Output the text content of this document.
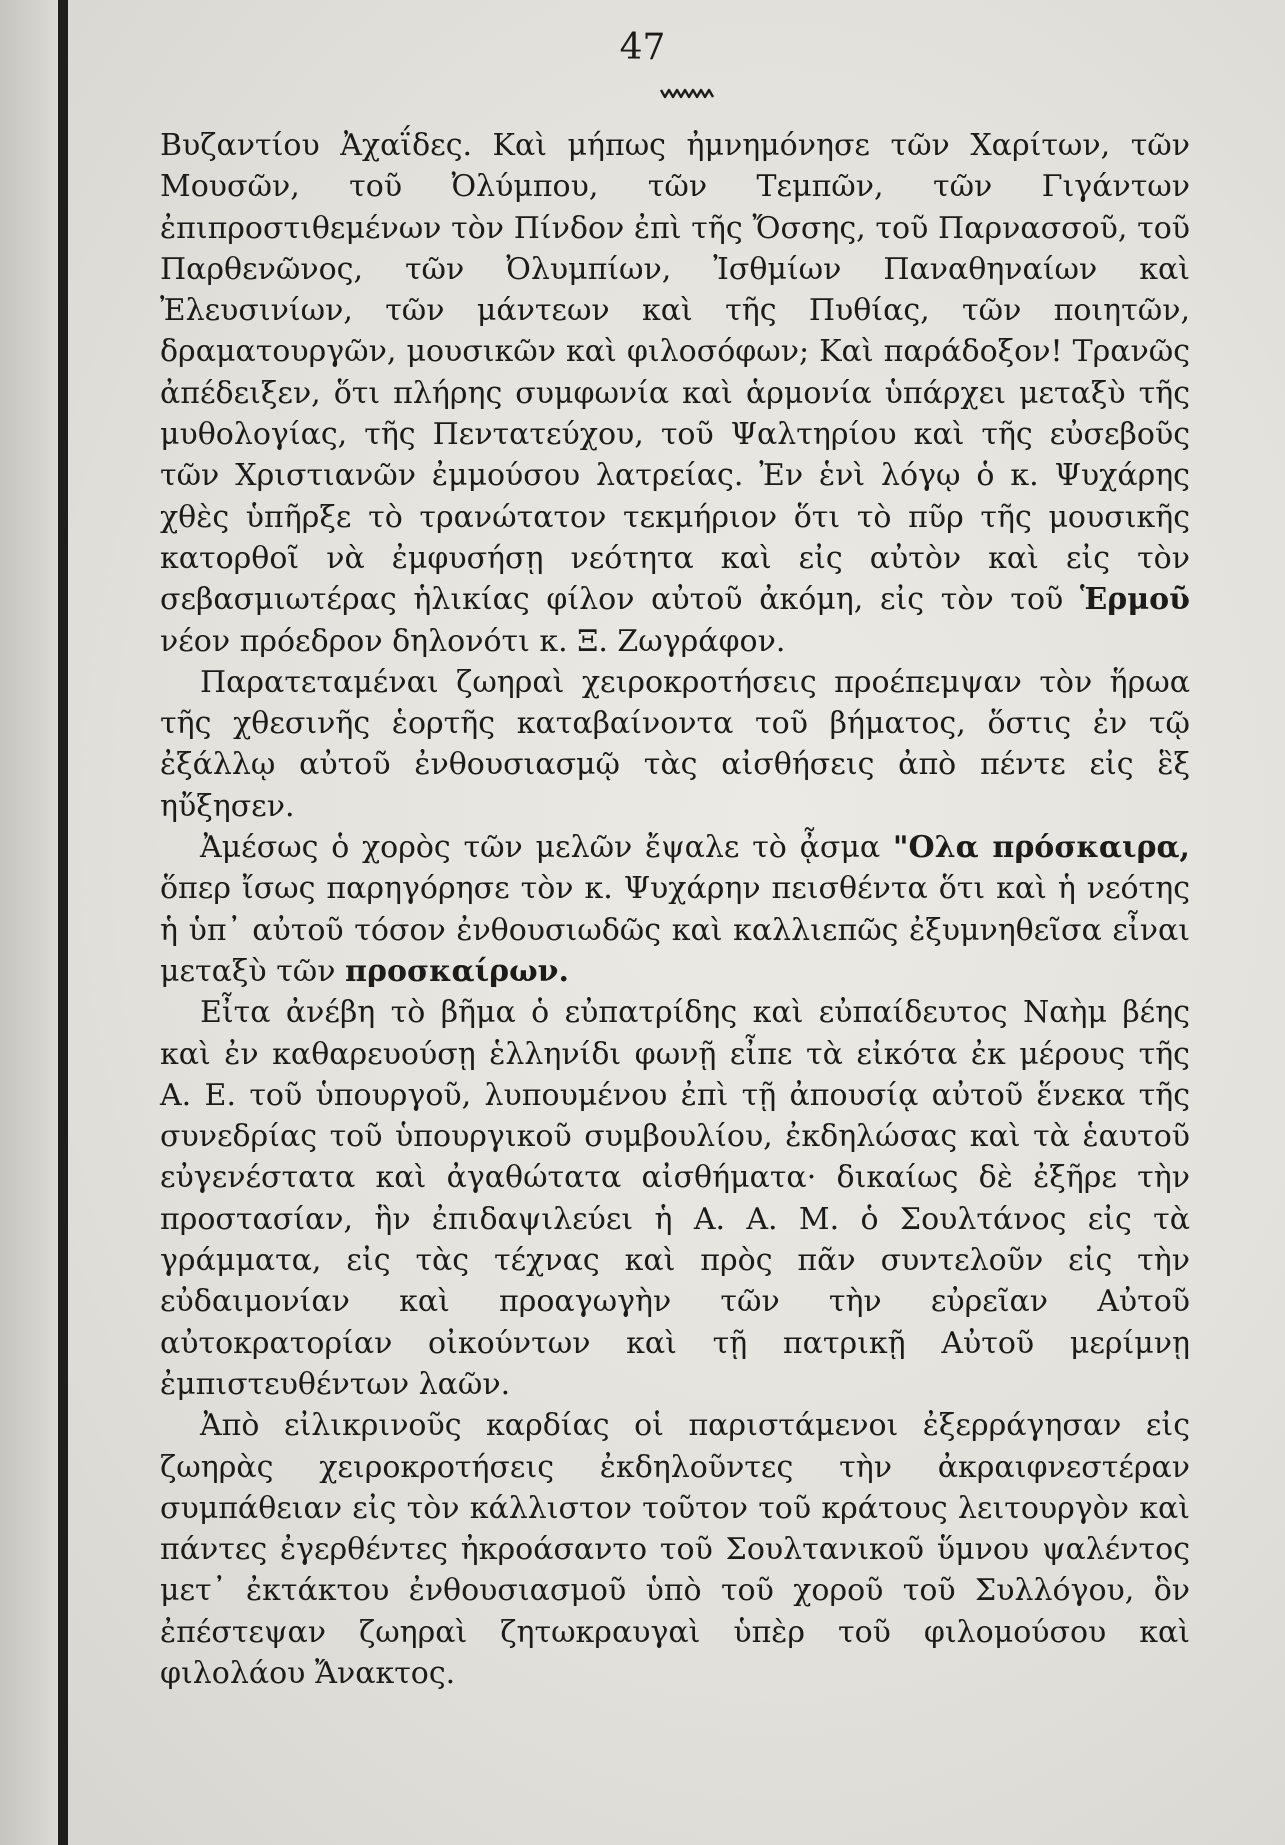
47

Βυζαντίου Ἀχαΐδες. Καὶ μήπως ἠμνημόνησε τῶν Χαρίτων, τῶν Μουσῶν, τοῦ Ὀλύμπου, τῶν Τεμπῶν, τῶν Γιγάντων ἐπιπροστιθεμένων τὸν Πίνδον ἐπὶ τῆς Ὄσσης, τοῦ Παρνασσοῦ, τοῦ Παρθενῶνος, τῶν Ὀλυμπίων, Ἰσθμίων Παναθηναίων καὶ Ἐλευσινίων, τῶν μάντεων καὶ τῆς Πυθίας, τῶν ποιητῶν, δραματουργῶν, μουσικῶν καὶ φιλοσόφων; Καὶ παράδοξον! Τρανῶς ἀπέδειξεν, ὅτι πλήρης συμφωνία καὶ ἁρμονία ὑπάρχει μεταξὺ τῆς μυθολογίας, τῆς Πεντατεύχου, τοῦ Ψαλτηρίου καὶ τῆς εὐσεβοῦς τῶν Χριστιανῶν ἐμμούσου λατρείας. Ἐν ἑνὶ λόγῳ ὁ κ. Ψυχάρης χθὲς ὑπῆρξε τὸ τρανώτατον τεκμήριον ὅτι τὸ πῦρ τῆς μουσικῆς κατορθοῖ νὰ ἐμφυσήσῃ νεότητα καὶ εἰς αὐτὸν καὶ εἰς τὸν σεβασμιωτέρας ἡλικίας φίλον αὐτοῦ ἀκόμη, εἰς τὸν τοῦ Ἑρμοῦ νέον πρόεδρον δηλονότι κ. Ξ. Ζωγράφον.

Παρατεταμέναι ζωηραὶ χειροκροτήσεις προέπεμψαν τὸν ἥρωα τῆς χθεσινῆς ἑορτῆς καταβαίνοντα τοῦ βήματος, ὅστις ἐν τῷ ἐξάλλῳ αὐτοῦ ἐνθουσιασμῷ τὰς αἰσθήσεις ἀπὸ πέντε εἰς ἓξ ηὔξησεν.

Ἀμέσως ὁ χορὸς τῶν μελῶν ἔψαλε τὸ ᾆσμα "Ολα πρόσκαιρα, ὅπερ ἴσως παρηγόρησε τὸν κ. Ψυχάρην πεισθέντα ὅτι καὶ ἡ νεότης ἡ ὑπ᾽ αὐτοῦ τόσον ἐνθουσιωδῶς καὶ καλλιεπῶς ἐξυμνηθεῖσα εἶναι μεταξὺ τῶν προσκαίρων.

Εἶτα ἀνέβη τὸ βῆμα ὁ εὐπατρίδης καὶ εὐπαίδευτος Ναὴμ βέης καὶ ἐν καθαρευούσῃ ἑλληνίδι φωνῇ εἶπε τὰ εἰκότα ἐκ μέρους τῆς Α. Ε. τοῦ ὑπουργοῦ, λυπουμένου ἐπὶ τῇ ἀπουσίᾳ αὐτοῦ ἕνεκα τῆς συνεδρίας τοῦ ὑπουργικοῦ συμβουλίου, ἐκδηλώσας καὶ τὰ ἑαυτοῦ εὐγενέστατα καὶ ἀγαθώτατα αἰσθήματα· δικαίως δὲ ἐξῆρε τὴν προστασίαν, ἣν ἐπιδαψιλεύει ἡ Α. Α. Μ. ὁ Σουλτάνος εἰς τὰ γράμματα, εἰς τὰς τέχνας καὶ πρὸς πᾶν συντελοῦν εἰς τὴν εὐδαιμονίαν καὶ προαγωγὴν τῶν τὴν εὐρεῖαν Αὐτοῦ αὐτοκρατορίαν οἰκούντων καὶ τῇ πατρικῇ Αὐτοῦ μερίμνῃ ἐμπιστευθέντων λαῶν.

Ἀπὸ εἰλικρινοῦς καρδίας οἱ παριστάμενοι ἐξερράγησαν εἰς ζωηρὰς χειροκροτήσεις ἐκδηλοῦντες τὴν ἀκραιφνεστέραν συμπάθειαν εἰς τὸν κάλλιστον τοῦτον τοῦ κράτους λειτουργὸν καὶ πάντες ἐγερθέντες ἠκροάσαντο τοῦ Σουλτανικοῦ ὕμνου ψαλέντος μετ᾽ ἐκτάκτου ἐνθουσιασμοῦ ὑπὸ τοῦ χοροῦ τοῦ Συλλόγου, ὃν ἐπέστεψαν ζωηραὶ ζητωκραυγαὶ ὑπὲρ τοῦ φιλομούσου καὶ φιλολάου Ἄνακτος.
